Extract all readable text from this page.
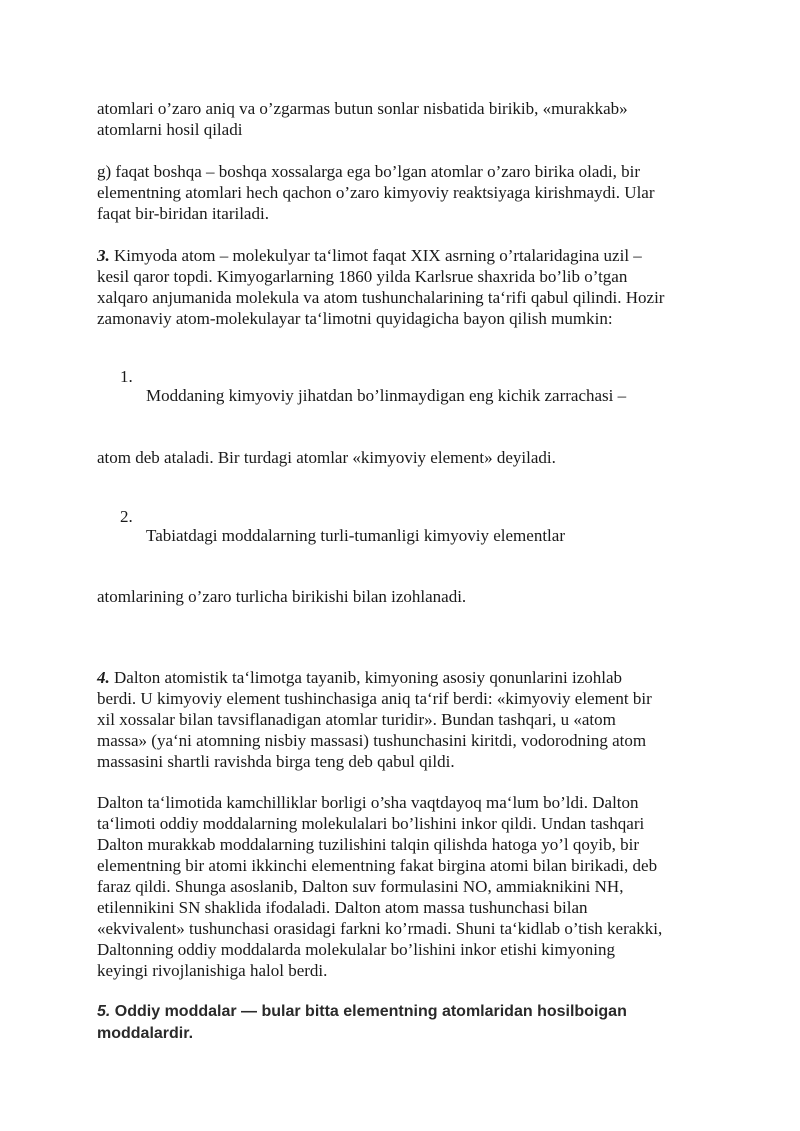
atomlari o’zaro aniq va o’zgarmas butun sonlar nisbatida birikib, «murakkab»
atomlarni hosil qiladi

g) faqat boshqa – boshqa xossalarga ega bo’lgan atomlar o’zaro birika oladi, bir
elementning atomlari hech qachon o’zaro kimyoviy reaktsiyaga kirishmaydi. Ular
faqat bir-biridan itariladi.

3. Kimyoda atom – molekulyar ta‘limot faqat XIX asrning o’rtalaridagina uzil –
kesil qaror topdi. Kimyogarlarning 1860 yilda Karlsrue shaxrida bo’lib o’tgan
xalqaro anjumanida molekula va atom tushunchalarining ta‘rifi qabul qilindi. Hozir
zamonaviy atom-molekulayar ta‘limotni quyidagicha bayon qilish mumkin:

1.

Moddaning kimyoviy jihatdan bo’linmaydigan eng kichik zarrachasi –

atom deb ataladi. Bir turdagi atomlar «kimyoviy element» deyiladi.

2.

Tabiatdagi moddalarning turli-tumanligi kimyoviy elementlar

atomlarining o’zaro turlicha birikishi bilan izohlanadi.

4. Dalton atomistik ta‘limotga tayanib, kimyoning asosiy qonunlarini izohlab
berdi. U kimyoviy element tushinchasiga aniq ta‘rif berdi: «kimyoviy element bir
xil xossalar bilan tavsiflanadigan atomlar turidir». Bundan tashqari, u «atom
massa» (ya‘ni atomning nisbiy massasi) tushunchasini kiritdi, vodorodning atom
massasini shartli ravishda birga teng deb qabul qildi.

Dalton ta‘limotida kamchilliklar borligi o’sha vaqtdayoq ma‘lum bo’ldi. Dalton
ta‘limoti oddiy moddalarning molekulalari bo’lishini inkor qildi. Undan tashqari
Dalton murakkab moddalarning tuzilishini talqin qilishda hatoga yo’l qoyib, bir
elementning bir atomi ikkinchi elementning fakat birgina atomi bilan birikadi, deb
faraz qildi. Shunga asoslanib, Dalton suv formulasini NO, ammiaknikini NH,
etilennikini SN shaklida ifodaladi. Dalton atom massa tushunchasi bilan
«ekvivalent» tushunchasi orasidagi farkni ko’rmadi. Shuni ta‘kidlab o’tish kerakki,
Daltonning oddiy moddalarda molekulalar bo’lishini inkor etishi kimyoning
keyingi rivojlanishiga halol berdi.

5. Oddiy moddalar — bular bitta elementning atomlaridan hosilboigan
moddalardir.
